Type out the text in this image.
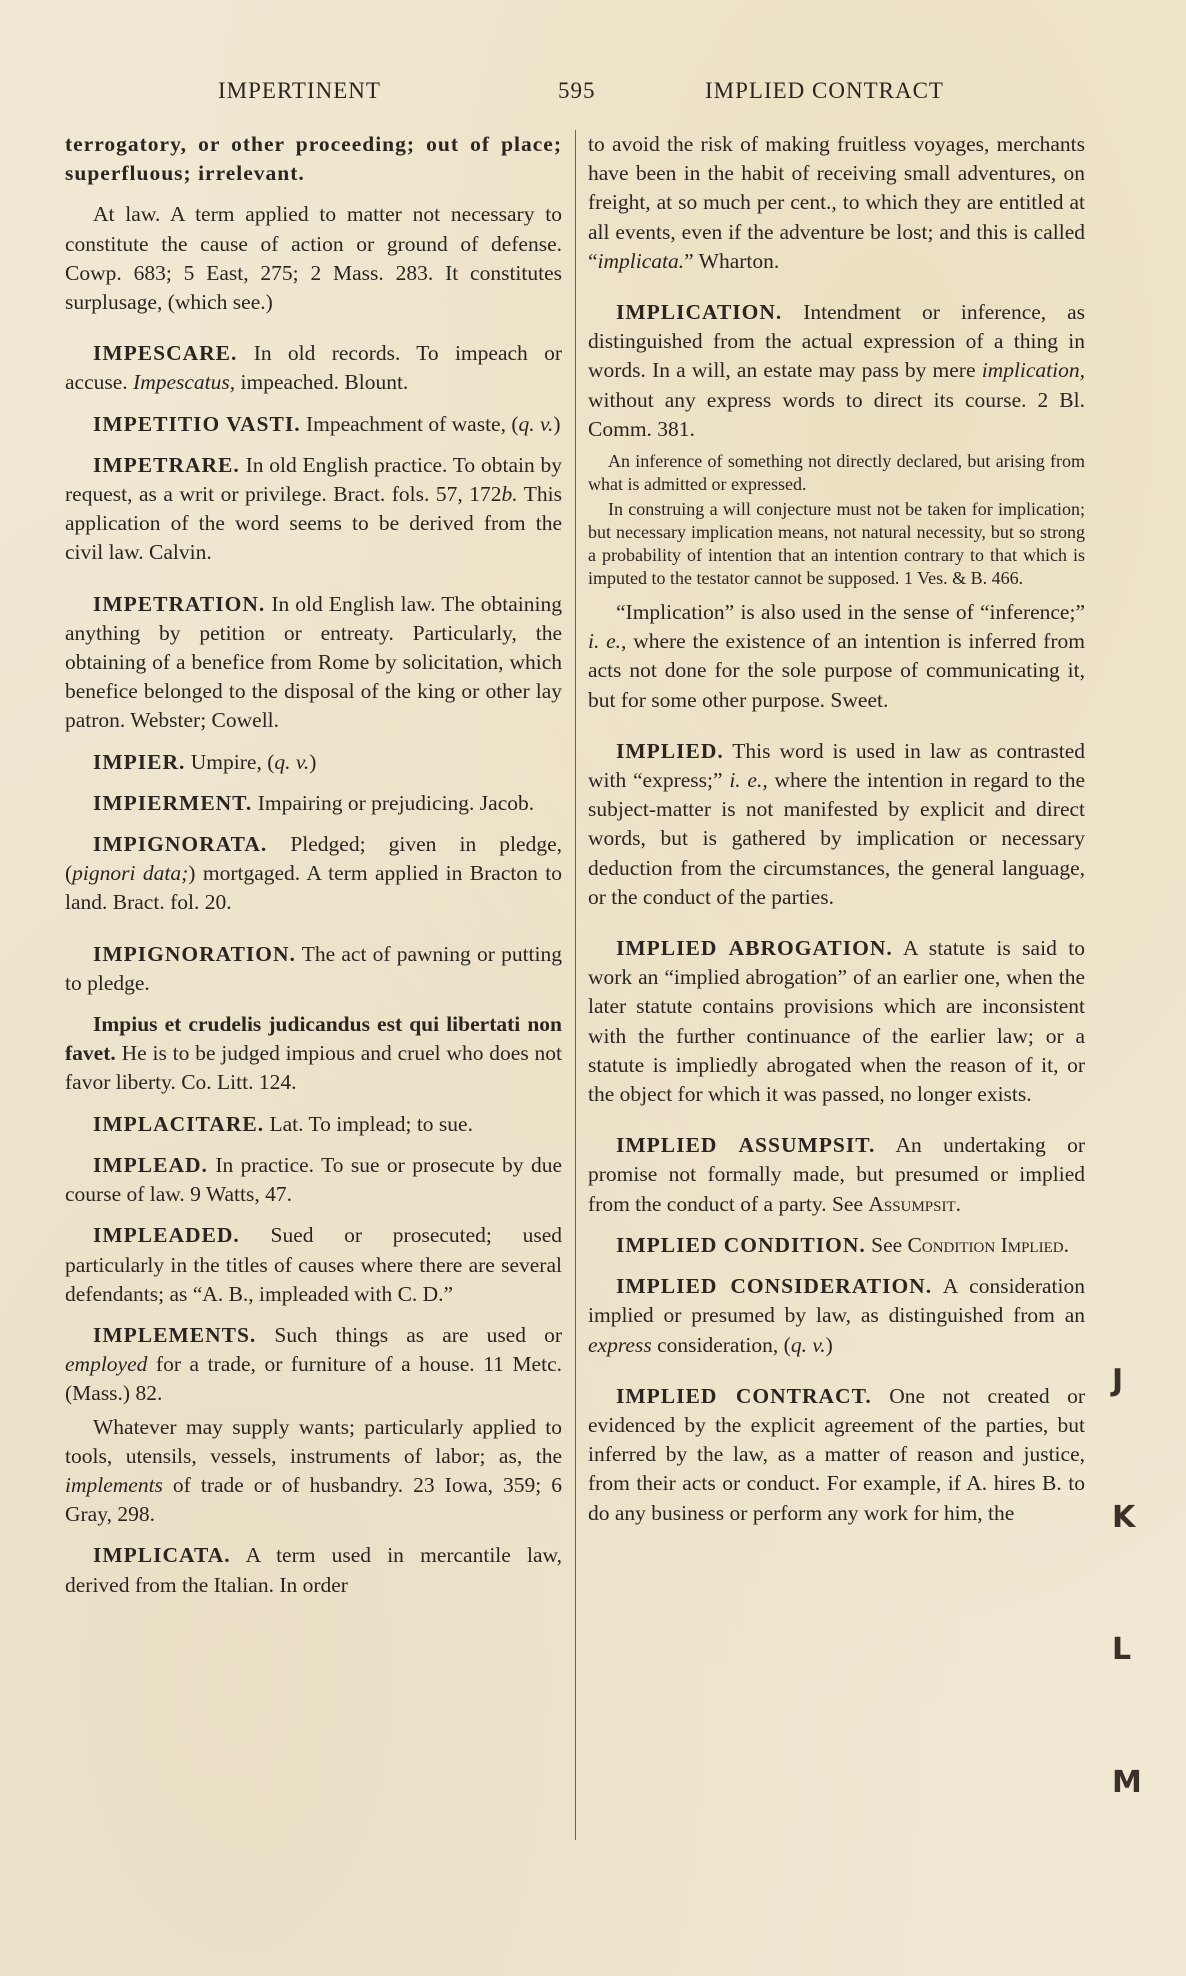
IMPERTINENT	595	IMPLIED CONTRACT

terrogatory, or other proceeding; out of place; superfluous; irrelevant.

At law. A term applied to matter not necessary to constitute the cause of action or ground of defense. Cowp. 683; 5 East, 275; 2 Mass. 283. It constitutes surplusage, (which see.)

IMPESCARE. In old records. To impeach or accuse. Impescatus, impeached. Blount.

IMPETITIO VASTI. Impeachment of waste, (q. v.)

IMPETRARE. In old English practice. To obtain by request, as a writ or privilege. Bract. fols. 57, 172b. This application of the word seems to be derived from the civil law. Calvin.

IMPETRATION. In old English law. The obtaining anything by petition or entreaty. Particularly, the obtaining of a benefice from Rome by solicitation, which benefice belonged to the disposal of the king or other lay patron. Webster; Cowell.

IMPIER. Umpire, (q. v.)

IMPIERMENT. Impairing or prejudicing. Jacob.

IMPIGNORATA. Pledged; given in pledge, (pignori data;) mortgaged. A term applied in Bracton to land. Bract. fol. 20.

IMPIGNORATION. The act of pawning or putting to pledge.

Impius et crudelis judicandus est qui libertati non favet. He is to be judged impious and cruel who does not favor liberty. Co. Litt. 124.

IMPLACITARE. Lat. To implead; to sue.

IMPLEAD. In practice. To sue or prosecute by due course of law. 9 Watts, 47.

IMPLEADED. Sued or prosecuted; used particularly in the titles of causes where there are several defendants; as “A. B., impleaded with C. D.”

IMPLEMENTS. Such things as are used or employed for a trade, or furniture of a house. 11 Metc. (Mass.) 82.

Whatever may supply wants; particularly applied to tools, utensils, vessels, instruments of labor; as, the implements of trade or of husbandry. 23 Iowa, 359; 6 Gray, 298.

IMPLICATA. A term used in mercantile law, derived from the Italian. In order

to avoid the risk of making fruitless voyages, merchants have been in the habit of receiving small adventures, on freight, at so much per cent., to which they are entitled at all events, even if the adventure be lost; and this is called “implicata.” Wharton.

IMPLICATION. Intendment or inference, as distinguished from the actual expression of a thing in words. In a will, an estate may pass by mere implication, without any express words to direct its course. 2 Bl. Comm. 381.

An inference of something not directly declared, but arising from what is admitted or expressed.

In construing a will conjecture must not be taken for implication; but necessary implication means, not natural necessity, but so strong a probability of intention that an intention contrary to that which is imputed to the testator cannot be supposed. 1 Ves. & B. 466.

“Implication” is also used in the sense of “inference;” i. e., where the existence of an intention is inferred from acts not done for the sole purpose of communicating it, but for some other purpose. Sweet.

IMPLIED. This word is used in law as contrasted with “express;” i. e., where the intention in regard to the subject-matter is not manifested by explicit and direct words, but is gathered by implication or necessary deduction from the circumstances, the general language, or the conduct of the parties.

IMPLIED ABROGATION. A statute is said to work an “implied abrogation” of an earlier one, when the later statute contains provisions which are inconsistent with the further continuance of the earlier law; or a statute is impliedly abrogated when the reason of it, or the object for which it was passed, no longer exists.

IMPLIED ASSUMPSIT. An undertaking or promise not formally made, but presumed or implied from the conduct of a party. See Assumpsit.

IMPLIED CONDITION. See Condition Implied.

IMPLIED CONSIDERATION. A consideration implied or presumed by law, as distinguished from an express consideration, (q. v.)

IMPLIED CONTRACT. One not created or evidenced by the explicit agreement of the parties, but inferred by the law, as a matter of reason and justice, from their acts or conduct. For example, if A. hires B. to do any business or perform any work for him, the

J
K
L
M
